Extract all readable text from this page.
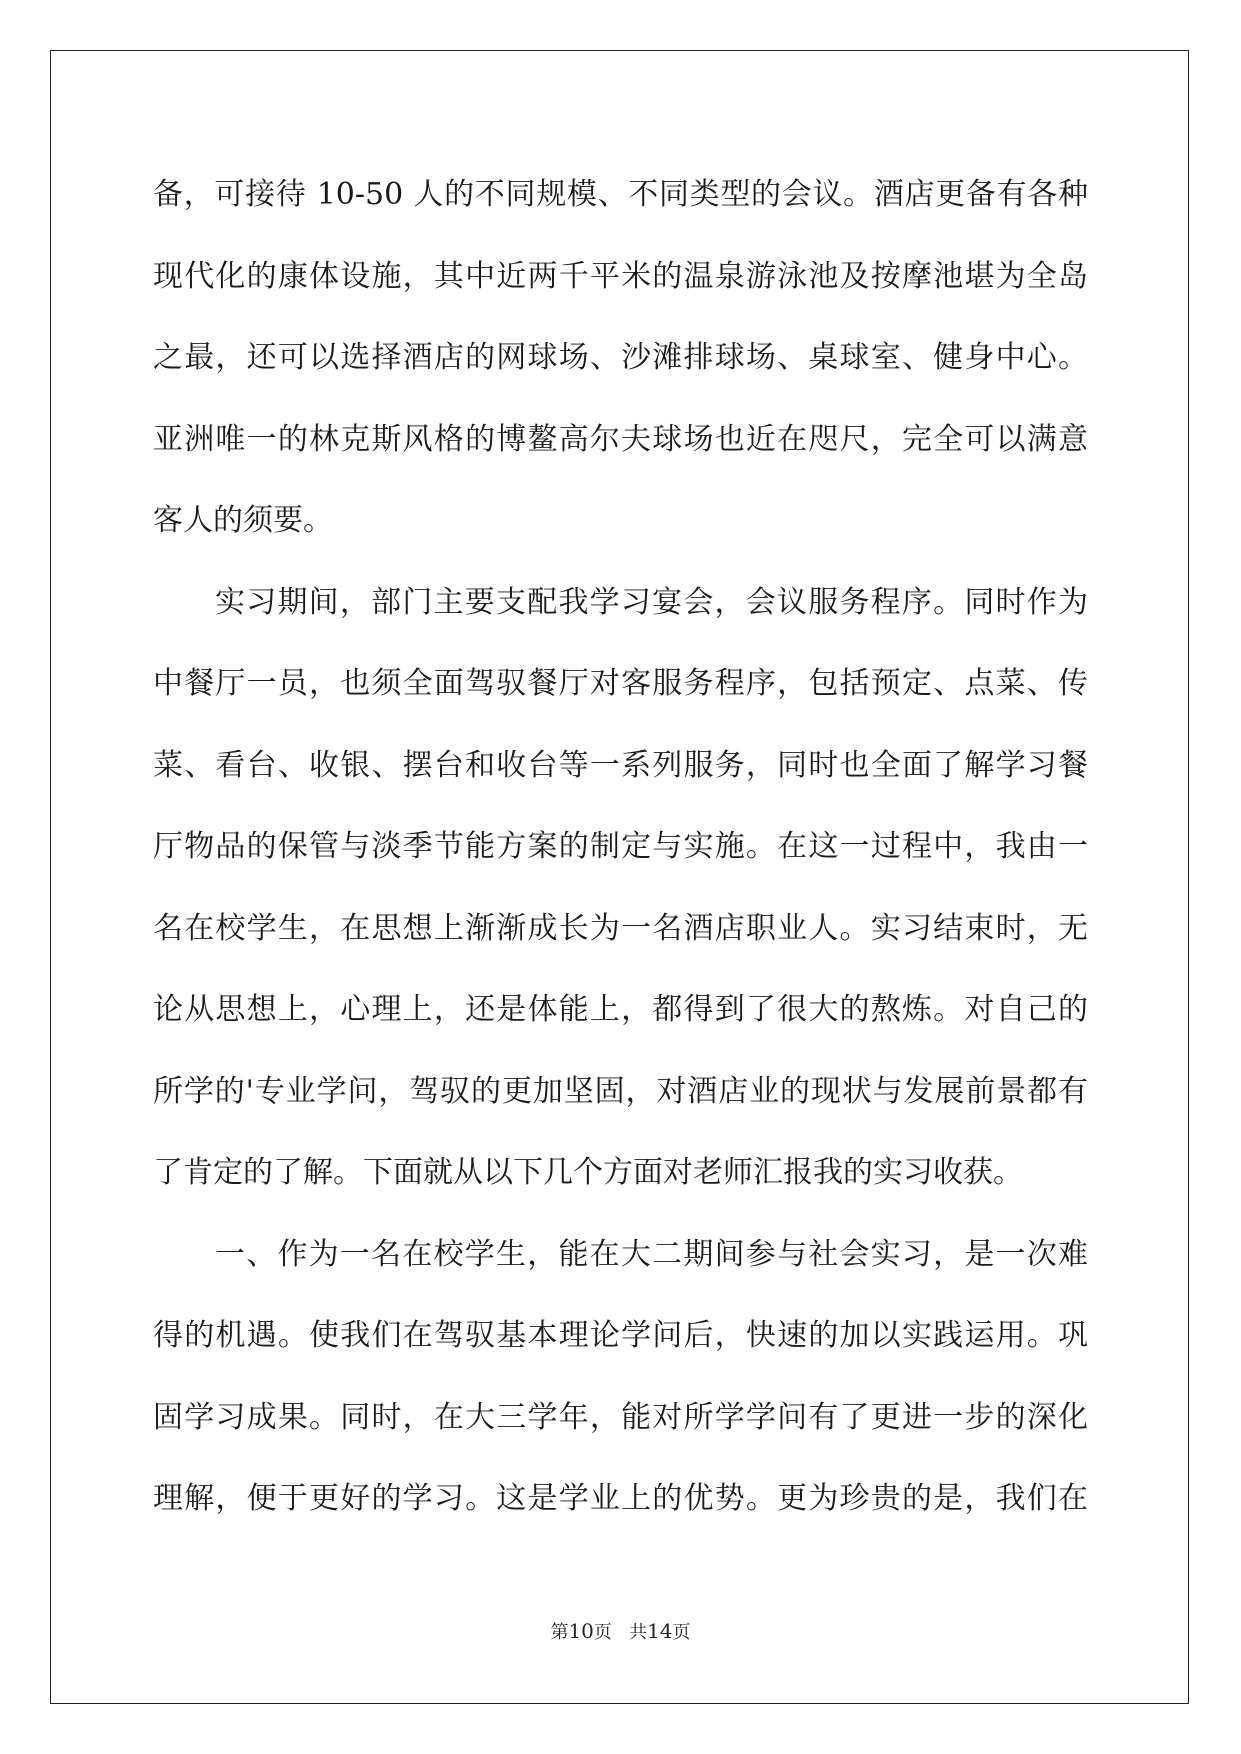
备，可接待 10-50 人的不同规模、不同类型的会议。酒店更备有各种
现代化的康体设施，其中近两千平米的温泉游泳池及按摩池堪为全岛
之最，还可以选择酒店的网球场、沙滩排球场、桌球室、健身中心。
亚洲唯一的林克斯风格的博鳌高尔夫球场也近在咫尺，完全可以满意
客人的须要。
实习期间，部门主要支配我学习宴会，会议服务程序。同时作为
中餐厅一员，也须全面驾驭餐厅对客服务程序，包括预定、点菜、传
菜、看台、收银、摆台和收台等一系列服务，同时也全面了解学习餐
厅物品的保管与淡季节能方案的制定与实施。在这一过程中，我由一
名在校学生，在思想上渐渐成长为一名酒店职业人。实习结束时，无
论从思想上，心理上，还是体能上，都得到了很大的熬炼。对自己的
所学的'专业学问，驾驭的更加坚固，对酒店业的现状与发展前景都有
了肯定的了解。下面就从以下几个方面对老师汇报我的实习收获。
一、作为一名在校学生，能在大二期间参与社会实习，是一次难
得的机遇。使我们在驾驭基本理论学问后，快速的加以实践运用。巩
固学习成果。同时，在大三学年，能对所学学问有了更进一步的深化
理解，便于更好的学习。这是学业上的优势。更为珍贵的是，我们在
第10页 共14页
